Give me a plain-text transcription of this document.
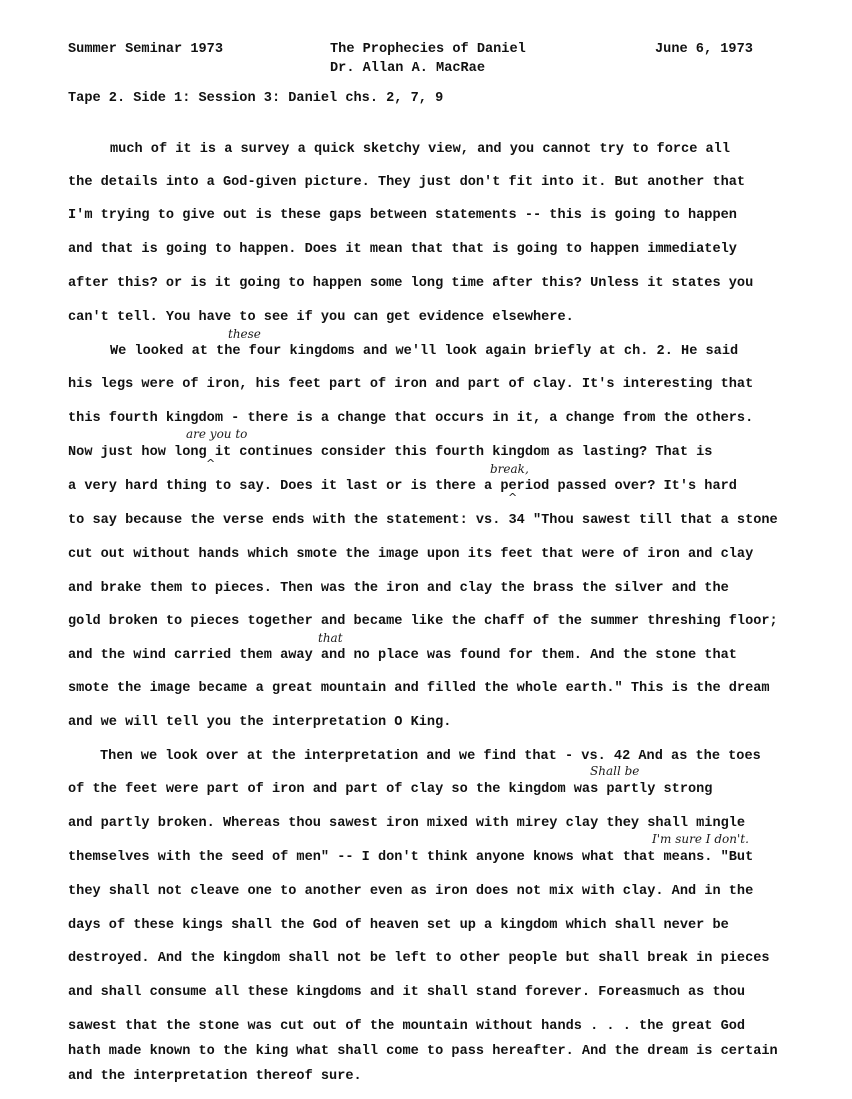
Summer Seminar 1973	The Prophecies of Daniel
Dr. Allan A. MacRae
June 6, 1973
Tape 2. Side 1: Session 3: Daniel chs. 2, 7, 9
much of it is a survey a quick sketchy view, and you cannot try to force all
the details into a God-given picture. They just don't fit into it. But another that
I'm trying to give out is these gaps between statements -- this is going to happen
and that is going to happen. Does it mean that that is going to happen immediately
after this? or is it going to happen some long time after this? Unless it states you
can't tell. You have to see if you can get evidence elsewhere.
these
We looked at the four kingdoms and we'll look again briefly at ch. 2. He said
his legs were of iron, his feet part of iron and part of clay. It's interesting that
this fourth kingdom - there is a change that occurs in it, a change from the others.
are you to
Now just how long it continues consider this fourth kingdom as lasting? That is
^	break,
a very hard thing to say. Does it last or is there a period passed over? It's hard
^
to say because the verse ends with the statement: vs. 34 "Thou sawest till that a stone
cut out without hands which smote the image upon its feet that were of iron and clay
and brake them to pieces. Then was the iron and clay the brass the silver and the
gold broken to pieces together and became like the chaff of the summer threshing floor;
that
and the wind carried them away and no place was found for them. And the stone that
smote the image became a great mountain and filled the whole earth." This is the dream
and we will tell you the interpretation O King.
Then we look over at the interpretation and we find that - vs. 42 And as the toes
Shall be
of the feet were part of iron and part of clay so the kingdom was partly strong
and partly broken. Whereas thou sawest iron mixed with mirey clay they shall mingle
I'm sure I don't.
themselves with the seed of men" -- I don't think anyone knows what that means. "But
they shall not cleave one to another even as iron does not mix with clay. And in the
days of these kings shall the God of heaven set up a kingdom which shall never be
destroyed. And the kingdom shall not be left to other people but shall break in pieces
and shall consume all these kingdoms and it shall stand forever. Foreasmuch as thou
sawest that the stone was cut out of the mountain without hands . . . the great God
hath made known to the king what shall come to pass hereafter. And the dream is certain
and the interpretation thereof sure.
